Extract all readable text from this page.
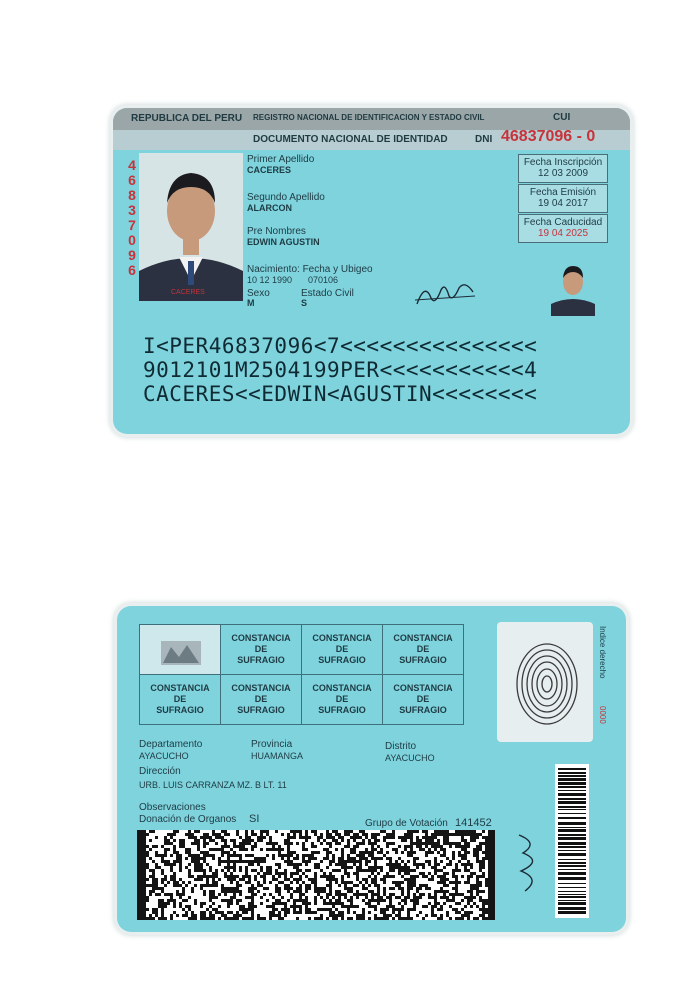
REPUBLICA DEL PERU REGISTRO NACIONAL DE IDENTIFICACION Y ESTADO CIVIL	CUI
DOCUMENTO NACIONAL DE IDENTIDAD	DNI 46837096 - 0
46837096
CACERES
Primer Apellido
CACERES
Segundo Apellido
ALARCON
Pre Nombres
EDWIN AGUSTIN
Nacimiento: Fecha y Ubigeo
10 12 1990 070106
Sexo
M
Estado Civil
S
Fecha Inscripción
12 03 2009
Fecha Emisión
19 04 2017
Fecha Caducidad
19 04 2025
I<PER46837096<7<<<<<<<<<<<<<<<
9012101M2504199PER<<<<<<<<<<<4
CACERES<<EDWIN<AGUSTIN<<<<<<<<
	CONSTANCIA
DE
SUFRAGIO	CONSTANCIA
DE
SUFRAGIO	CONSTANCIA
DE
SUFRAGIO
CONSTANCIA
DE
SUFRAGIO	CONSTANCIA
DE
SUFRAGIO	CONSTANCIA
DE
SUFRAGIO	CONSTANCIA
DE
SUFRAGIO
Indice derecho
0000
Departamento
AYACUCHO
Provincia
HUAMANGA
Distrito
AYACUCHO
Dirección
URB. LUIS CARRANZA MZ. B LT. 11
Observaciones
Donación de Organos SI	Grupo de Votación 141452
